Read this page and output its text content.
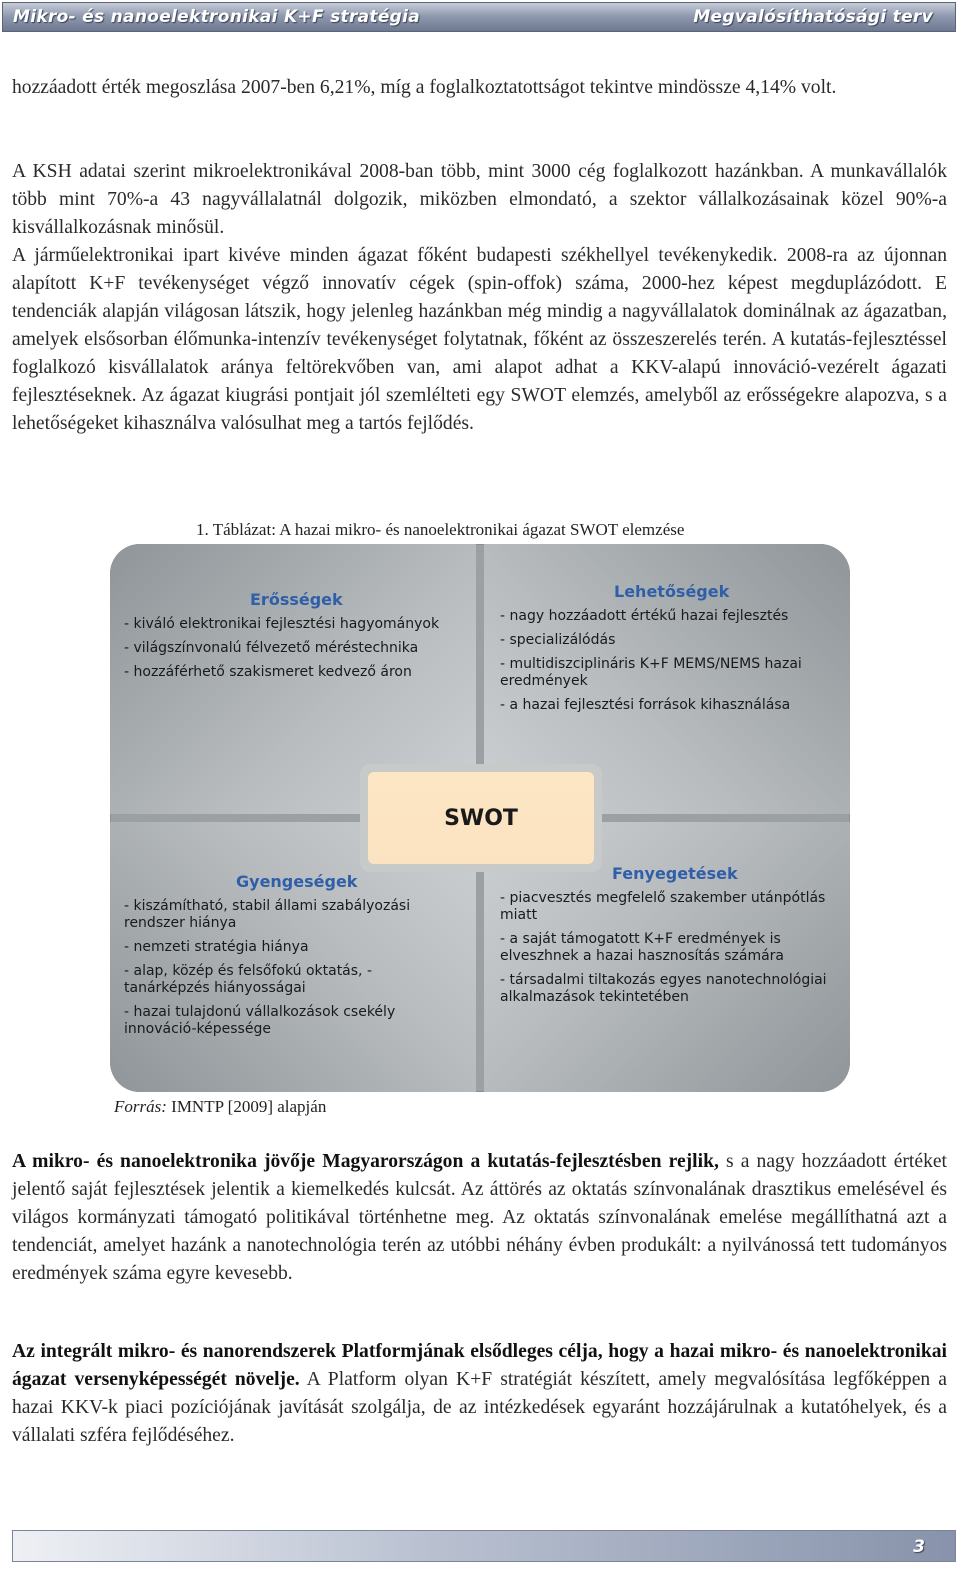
Mikro- és nanoelektronikai K+F stratégia	Megvalósíthatósági terv

hozzáadott érték megoszlása 2007-ben 6,21%, míg a foglalkoztatottságot tekintve mindössze 4,14% volt.

A KSH adatai szerint mikroelektronikával 2008-ban több, mint 3000 cég foglalkozott hazánkban. A munkavállalók több mint 70%-a 43 nagyvállalatnál dolgozik, miközben elmondató, a szektor vállalkozásainak közel 90%-a kisvállalkozásnak minősül.

A járműelektronikai ipart kivéve minden ágazat főként budapesti székhellyel tevékenykedik. 2008-ra az újonnan alapított K+F tevékenységet végző innovatív cégek (spin-offok) száma, 2000-hez képest megduplázódott. E tendenciák alapján világosan látszik, hogy jelenleg hazánkban még mindig a nagyvállalatok dominálnak az ágazatban, amelyek elsősorban élőmunka-intenzív tevékenységet folytatnak, főként az összeszerelés terén. A kutatás-fejlesztéssel foglalkozó kisvállalatok aránya feltörekvőben van, ami alapot adhat a KKV-alapú innováció-vezérelt ágazati fejlesztéseknek. Az ágazat kiugrási pontjait jól szemlélteti egy SWOT elemzés, amelyből az erősségekre alapozva, s a lehetőségeket kihasználva valósulhat meg a tartós fejlődés.

1. Táblázat: A hazai mikro- és nanoelektronikai ágazat SWOT elemzése
Erősségek
- kiváló elektronikai fejlesztési hagyományok
- világszínvonalú félvezető méréstechnika
- hozzáférhető szakismeret kedvező áron
Lehetőségek
- nagy hozzáadott értékű hazai fejlesztés
- specializálódás
- multidiszciplináris K+F MEMS/NEMS hazai eredmények
- a hazai fejlesztési források kihasználása
Gyengeségek
- kiszámítható, stabil állami szabályozási rendszer hiánya
- nemzeti stratégia hiánya
- alap, közép és felsőfokú oktatás, - tanárképzés hiányosságai
- hazai tulajdonú vállalkozások csekély innováció-képessége
Fenyegetések
- piacvesztés megfelelő szakember utánpótlás miatt
- a saját támogatott K+F eredmények is elveszhnek a hazai hasznosítás számára
- társadalmi tiltakozás egyes nanotechnológiai alkalmazások tekintetében
SWOT
Forrás: IMNTP [2009] alapján

A mikro- és nanoelektronika jövője Magyarországon a kutatás-fejlesztésben rejlik, s a nagy hozzáadott értéket jelentő saját fejlesztések jelentik a kiemelkedés kulcsát. Az áttörés az oktatás színvonalának drasztikus emelésével és világos kormányzati támogató politikával történhetne meg. Az oktatás színvonalának emelése megállíthatná azt a tendenciát, amelyet hazánk a nanotechnológia terén az utóbbi néhány évben produkált: a nyilvánossá tett tudományos eredmények száma egyre kevesebb.

Az integrált mikro- és nanorendszerek Platformjának elsődleges célja, hogy a hazai mikro- és nanoelektronikai ágazat versenyképességét növelje. A Platform olyan K+F stratégiát készített, amely megvalósítása legfőképpen a hazai KKV-k piaci pozíciójának javítását szolgálja, de az intézkedések egyaránt hozzájárulnak a kutatóhelyek, és a vállalati szféra fejlődéséhez.

3
